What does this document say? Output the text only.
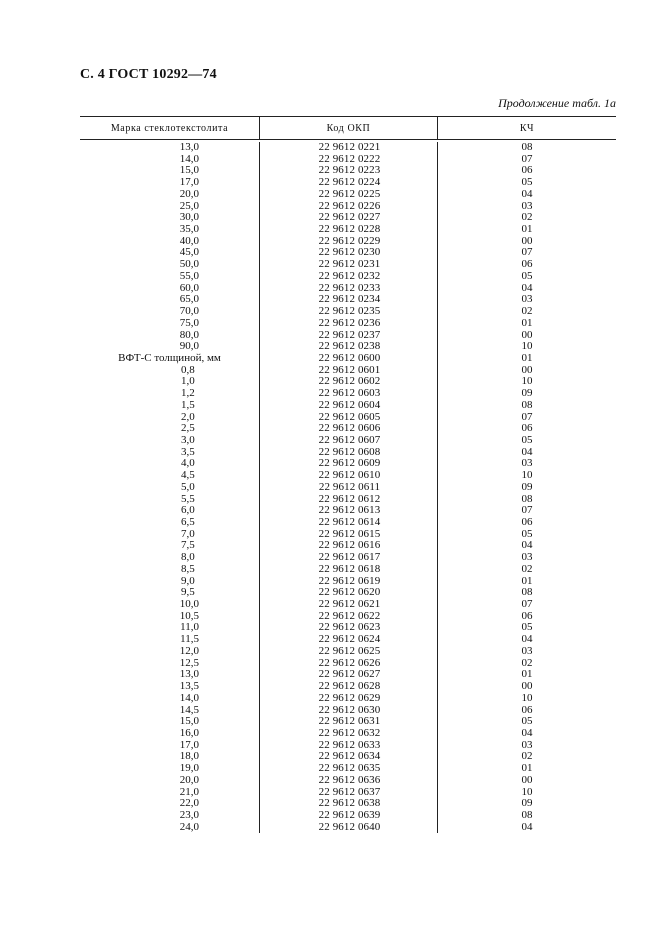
С. 4 ГОСТ 10292—74
Продолжение табл. 1а
Марка стеклотекстолита	Код ОКП	КЧ
13,0	22 9612 0221	08
14,0	22 9612 0222	07
15,0	22 9612 0223	06
17,0	22 9612 0224	05
20,0	22 9612 0225	04
25,0	22 9612 0226	03
30,0	22 9612 0227	02
35,0	22 9612 0228	01
40,0	22 9612 0229	00
45,0	22 9612 0230	07
50,0	22 9612 0231	06
55,0	22 9612 0232	05
60,0	22 9612 0233	04
65,0	22 9612 0234	03
70,0	22 9612 0235	02
75,0	22 9612 0236	01
80,0	22 9612 0237	00
90,0	22 9612 0238	10
ВФТ-С толщиной, мм	22 9612 0600	01
0,8	22 9612 0601	00
1,0	22 9612 0602	10
1,2	22 9612 0603	09
1,5	22 9612 0604	08
2,0	22 9612 0605	07
2,5	22 9612 0606	06
3,0	22 9612 0607	05
3,5	22 9612 0608	04
4,0	22 9612 0609	03
4,5	22 9612 0610	10
5,0	22 9612 0611	09
5,5	22 9612 0612	08
6,0	22 9612 0613	07
6,5	22 9612 0614	06
7,0	22 9612 0615	05
7,5	22 9612 0616	04
8,0	22 9612 0617	03
8,5	22 9612 0618	02
9,0	22 9612 0619	01
9,5	22 9612 0620	08
10,0	22 9612 0621	07
10,5	22 9612 0622	06
11,0	22 9612 0623	05
11,5	22 9612 0624	04
12,0	22 9612 0625	03
12,5	22 9612 0626	02
13,0	22 9612 0627	01
13,5	22 9612 0628	00
14,0	22 9612 0629	10
14,5	22 9612 0630	06
15,0	22 9612 0631	05
16,0	22 9612 0632	04
17,0	22 9612 0633	03
18,0	22 9612 0634	02
19,0	22 9612 0635	01
20,0	22 9612 0636	00
21,0	22 9612 0637	10
22,0	22 9612 0638	09
23,0	22 9612 0639	08
24,0	22 9612 0640	04
